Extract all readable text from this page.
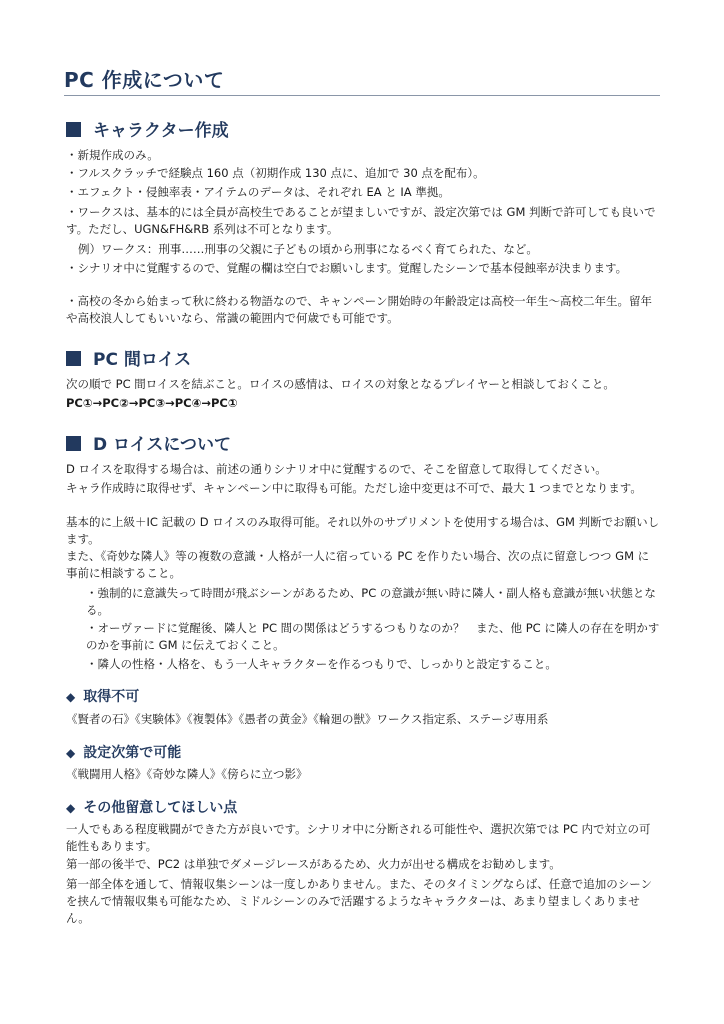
PC 作成について
キャラクター作成
・新規作成のみ。
・フルスクラッチで経験点 160 点（初期作成 130 点に、追加で 30 点を配布）。
・エフェクト・侵蝕率表・アイテムのデータは、それぞれ EA と IA 準拠。
・ワークスは、基本的には全員が高校生であることが望ましいですが、設定次第では GM 判断で許可しても良いです。ただし、UGN&FH&RB 系列は不可となります。
例）ワークス：刑事……刑事の父親に子どもの頃から刑事になるべく育てられた、など。
・シナリオ中に覚醒するので、覚醒の欄は空白でお願いします。覚醒したシーンで基本侵蝕率が決まります。
・高校の冬から始まって秋に終わる物語なので、キャンペーン開始時の年齢設定は高校一年生～高校二年生。留年や高校浪人してもいいなら、常識の範囲内で何歳でも可能です。
PC 間ロイス
次の順で PC 間ロイスを結ぶこと。ロイスの感情は、ロイスの対象となるプレイヤーと相談しておくこと。
PC①→PC②→PC③→PC④→PC①
D ロイスについて
D ロイスを取得する場合は、前述の通りシナリオ中に覚醒するので、そこを留意して取得してください。
キャラ作成時に取得せず、キャンペーン中に取得も可能。ただし途中変更は不可で、最大 1 つまでとなります。
基本的に上級＋IC 記載の D ロイスのみ取得可能。それ以外のサプリメントを使用する場合は、GM 判断でお願いします。
また、《奇妙な隣人》等の複数の意識・人格が一人に宿っている PC を作りたい場合、次の点に留意しつつ GM に事前に相談すること。
・強制的に意識失って時間が飛ぶシーンがあるため、PC の意識が無い時に隣人・副人格も意識が無い状態となる。
・オーヴァードに覚醒後、隣人と PC 間の関係はどうするつもりなのか？　また、他 PC に隣人の存在を明かすのかを事前に GM に伝えておくこと。
・隣人の性格・人格を、もう一人キャラクターを作るつもりで、しっかりと設定すること。
◆ 取得不可
《賢者の石》《実験体》《複製体》《愚者の黄金》《輪廻の獣》ワークス指定系、ステージ専用系
◆ 設定次第で可能
《戦闘用人格》《奇妙な隣人》《傍らに立つ影》
◆ その他留意してほしい点
一人でもある程度戦闘ができた方が良いです。シナリオ中に分断される可能性や、選択次第では PC 内で対立の可能性もあります。
第一部の後半で、PC2 は単独でダメージレースがあるため、火力が出せる構成をお勧めします。
第一部全体を通して、情報収集シーンは一度しかありません。また、そのタイミングならば、任意で追加のシーンを挟んで情報収集も可能なため、ミドルシーンのみで活躍するようなキャラクターは、あまり望ましくありません。
